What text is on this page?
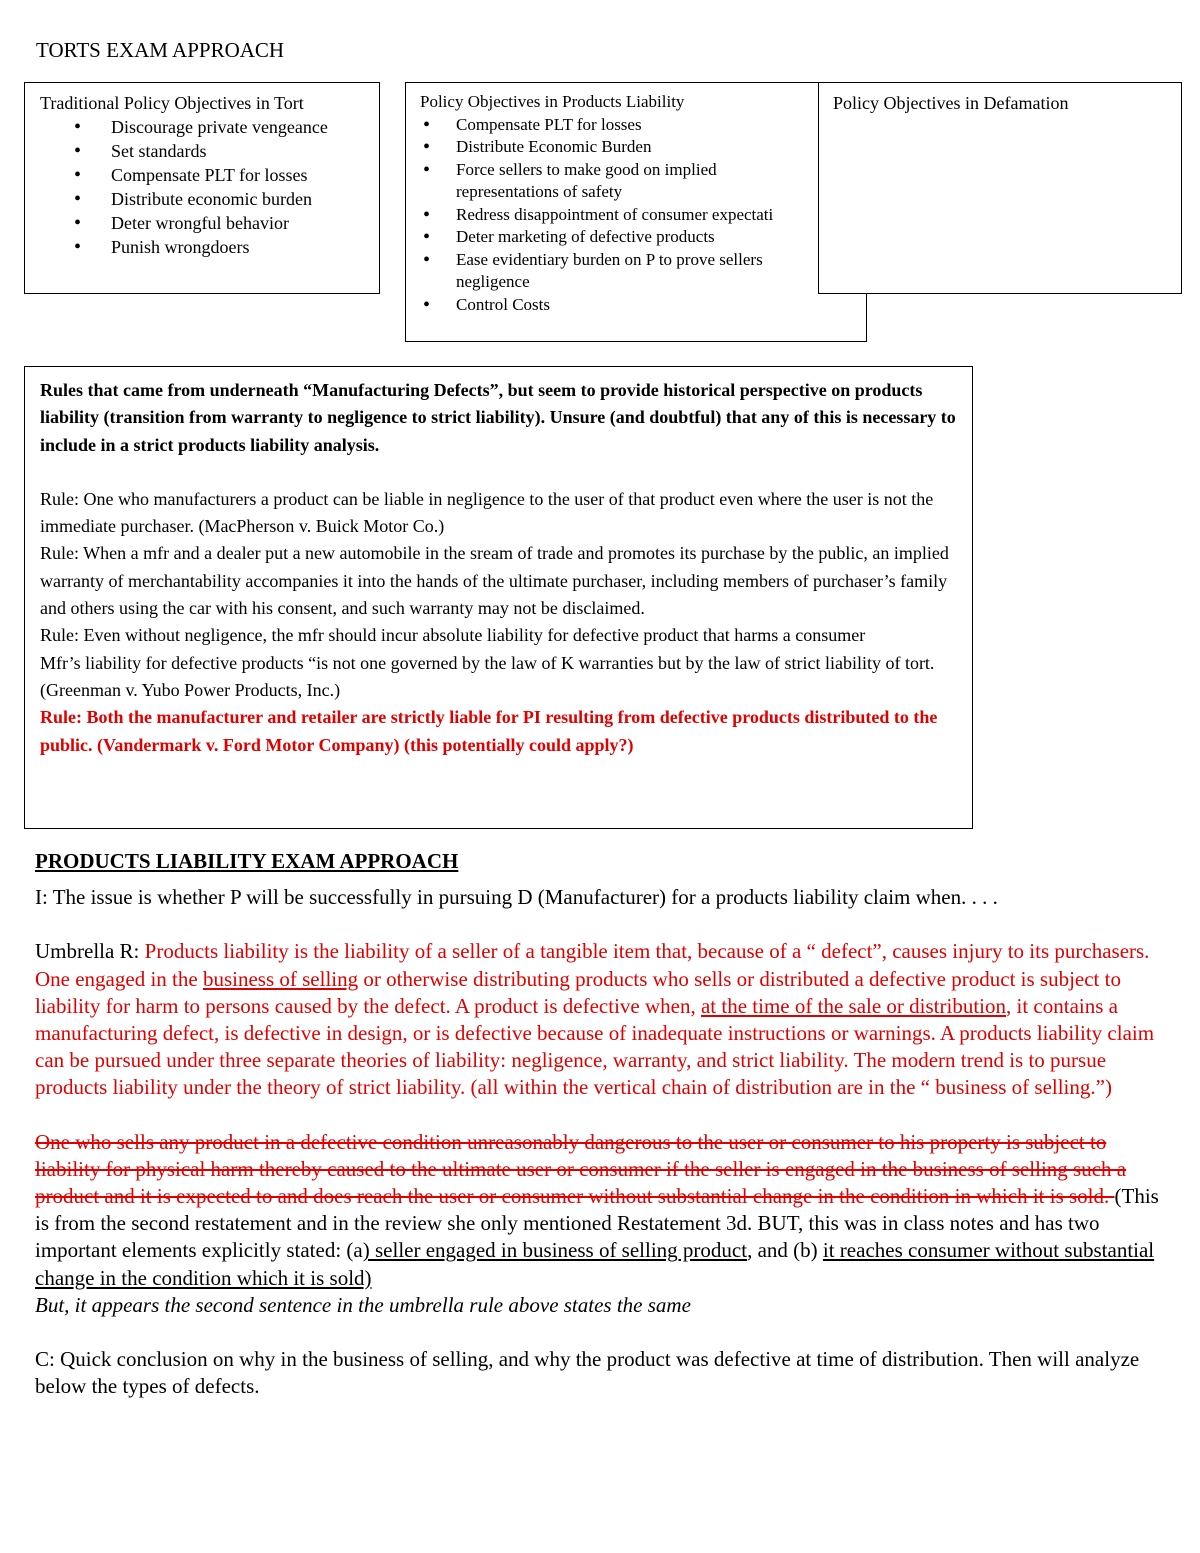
TORTS EXAM APPROACH
Traditional Policy Objectives in Tort
• Discourage private vengeance
• Set standards
• Compensate PLT for losses
• Distribute economic burden
• Deter wrongful behavior
• Punish wrongdoers
Policy Objectives in Products Liability
• Compensate PLT for losses
• Distribute Economic Burden
• Force sellers to make good on implied
representations of safety
• Redress disappointment of consumer expectati
• Deter marketing of defective products
• Ease evidentiary burden on P to prove sellers
negligence
• Control Costs
Policy Objectives in Defamation

Rules that came from underneath “Manufacturing Defects”, but seem to provide historical perspective on products liability (transition from warranty to negligence to strict liability). Unsure (and doubtful) that any of this is necessary to include in a strict products liability analysis.

Rule: One who manufacturers a product can be liable in negligence to the user of that product even where the user is not the immediate purchaser. (MacPherson v. Buick Motor Co.)

Rule: When a mfr and a dealer put a new automobile in the sream of trade and promotes its purchase by the public, an implied warranty of merchantability accompanies it into the hands of the ultimate purchaser, including members of purchaser’s family and others using the car with his consent, and such warranty may not be disclaimed.

Rule: Even without negligence, the mfr should incur absolute liability for defective product that harms a consumer

Mfr’s liability for defective products “is not one governed by the law of K warranties but by the law of strict liability of tort. (Greenman v. Yubo Power Products, Inc.)

Rule: Both the manufacturer and retailer are strictly liable for PI resulting from defective products distributed to the public. (Vandermark v. Ford Motor Company) (this potentially could apply?)

PRODUCTS LIABILITY EXAM APPROACH

I: The issue is whether P will be successfully in pursuing D (Manufacturer) for a products liability claim when. . . .

Umbrella R: Products liability is the liability of a seller of a tangible item that, because of a “ defect”, causes injury to its purchasers. One engaged in the business of selling or otherwise distributing products who sells or distributed a defective product is subject to liability for harm to persons caused by the defect. A product is defective when, at the time of the sale or distribution, it contains a manufacturing defect, is defective in design, or is defective because of inadequate instructions or warnings. A products liability claim can be pursued under three separate theories of liability: negligence, warranty, and strict liability. The modern trend is to pursue products liability under the theory of strict liability. (all within the vertical chain of distribution are in the “ business of selling.”)

One who sells any product in a defective condition unreasonably dangerous to the user or consumer to his property is subject to liability for physical harm thereby caused to the ultimate user or consumer if the seller is engaged in the business of selling such a product and it is expected to and does reach the user or consumer without substantial change in the condition in which it is sold. (This is from the second restatement and in the review she only mentioned Restatement 3d. BUT, this was in class notes and has two important elements explicitly stated: (a) seller engaged in business of selling product, and (b) it reaches consumer without substantial change in the condition which it is sold)

But, it appears the second sentence in the umbrella rule above states the same

C: Quick conclusion on why in the business of selling, and why the product was defective at time of distribution. Then will analyze below the types of defects.
